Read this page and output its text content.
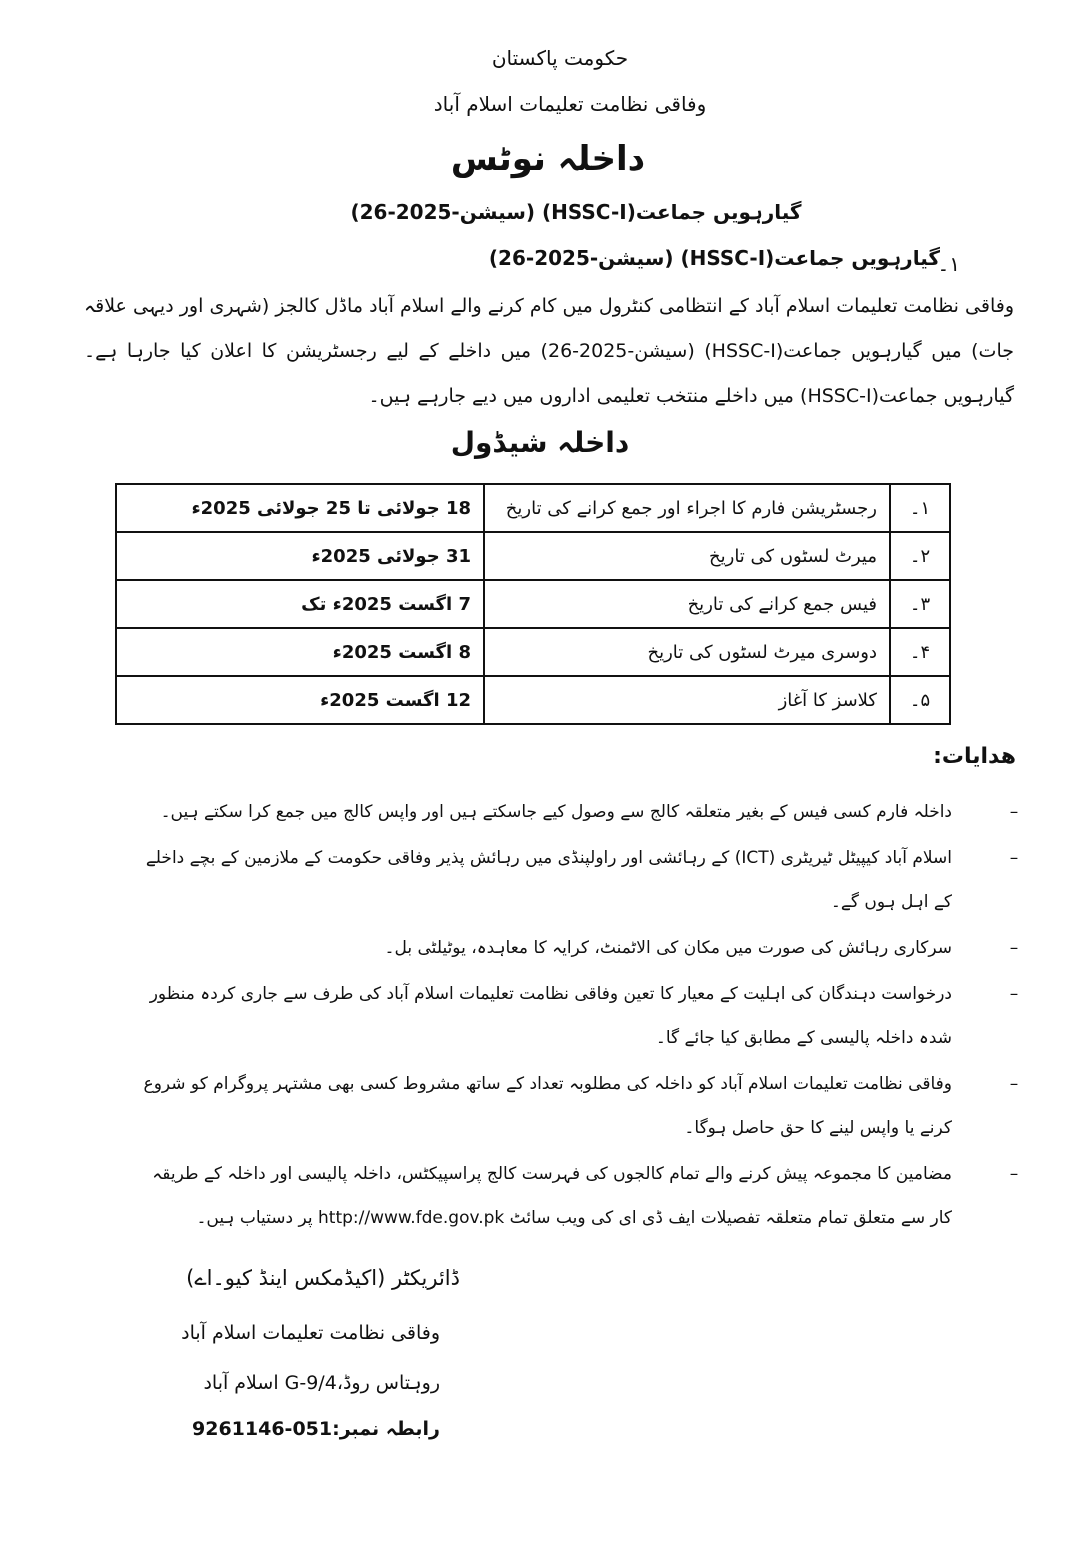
حکومت پاکستان
وفاقی نظامت تعلیمات اسلام آباد
داخلہ نوٹس
گیارہویں جماعت(HSSC-I) (سیشن-2025-26)
۱۔
گیارہویں جماعت(HSSC-I) (سیشن-2025-26)
وفاقی نظامت تعلیمات اسلام آباد کے انتظامی کنٹرول میں کام کرنے والے اسلام آباد ماڈل کالجز (شہری اور دیہی علاقہ جات) میں گیارہویں جماعت(HSSC-I) (سیشن-2025-26) میں داخلے کے لیے رجسٹریشن کا اعلان کیا جارہا ہے۔ گیارہویں جماعت(HSSC-I) میں داخلے منتخب تعلیمی اداروں میں دیے جارہے ہیں۔
داخلہ شیڈول
۱۔	رجسٹریشن فارم کا اجراء اور جمع کرانے کی تاریخ	18 جولائی تا 25 جولائی 2025ء
۲۔	میرٹ لسٹوں کی تاریخ	31 جولائی 2025ء
۳۔	فیس جمع کرانے کی تاریخ	7 اگست 2025ء تک
۴۔	دوسری میرٹ لسٹوں کی تاریخ	8 اگست 2025ء
۵۔	کلاسز کا آغاز	12 اگست 2025ء
ھدایات:
–
داخلہ فارم کسی فیس کے بغیر متعلقہ کالج سے وصول کیے جاسکتے ہیں اور واپس کالج میں جمع کرا سکتے ہیں۔
–
اسلام آباد کیپیٹل ٹیریٹری (ICT) کے رہائشی اور راولپنڈی میں رہائش پذیر وفاقی حکومت کے ملازمین کے بچے داخلے کے اہل ہوں گے۔
–
سرکاری رہائش کی صورت میں مکان کی الاٹمنٹ، کرایہ کا معاہدہ، یوٹیلٹی بل۔
–
درخواست دہندگان کی اہلیت کے معیار کا تعین وفاقی نظامت تعلیمات اسلام آباد کی طرف سے جاری کردہ منظور شدہ داخلہ پالیسی کے مطابق کیا جائے گا۔
–
وفاقی نظامت تعلیمات اسلام آباد کو داخلہ کی مطلوبہ تعداد کے ساتھ مشروط کسی بھی مشتہر پروگرام کو شروع کرنے یا واپس لینے کا حق حاصل ہوگا۔
–
مضامین کا مجموعہ پیش کرنے والے تمام کالجوں کی فہرست کالج پراسپیکٹس، داخلہ پالیسی اور داخلہ کے طریقہ کار سے متعلق تمام متعلقہ تفصیلات ایف ڈی ای کی ویب سائٹ http://www.fde.gov.pk پر دستیاب ہیں۔
ڈائریکٹر (اکیڈمکس اینڈ کیو۔اے)
وفاقی نظامت تعلیمات اسلام آباد
روہتاس روڈ،G-9/4 اسلام آباد
رابطہ نمبر:051-9261146
